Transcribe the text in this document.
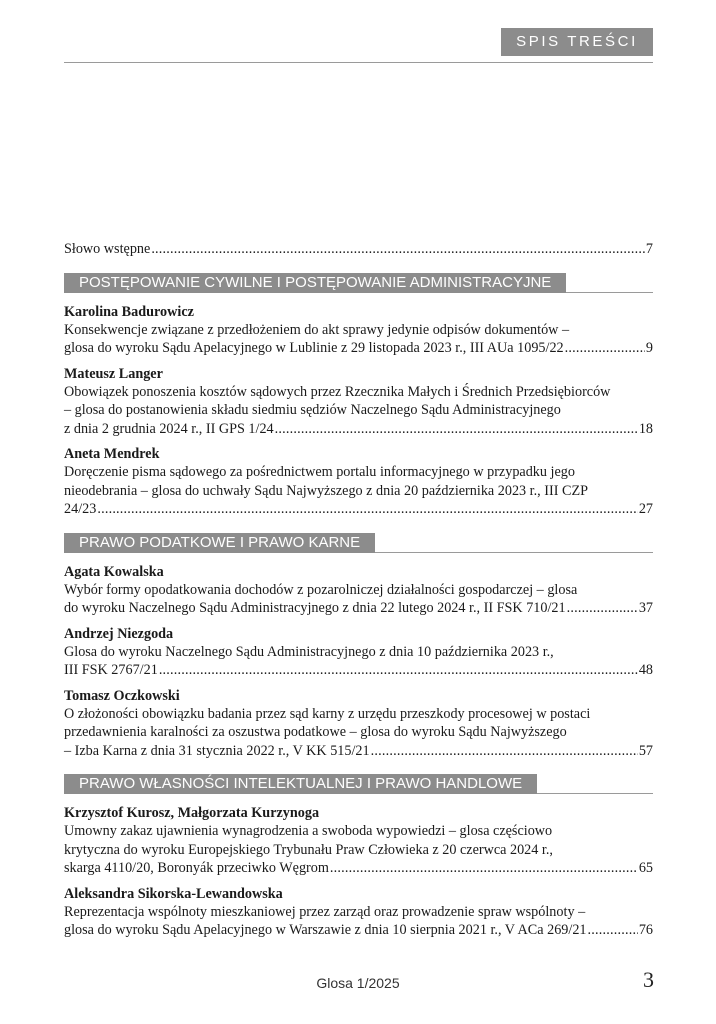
SPIS TREŚCI
Słowo wstępne .....	7
POSTĘPOWANIE CYWILNE I POSTĘPOWANIE ADMINISTRACYJNE
Karolina Badurowicz
Konsekwencje związane z przedłożeniem do akt sprawy jedynie odpisów dokumentów –
glosa do wyroku Sądu Apelacyjnego w Lublinie z 29 listopada 2023 r., III AUa 1095/22 .....	9
Mateusz Langer
Obowiązek ponoszenia kosztów sądowych przez Rzecznika Małych i Średnich Przedsiębiorców
– glosa do postanowienia składu siedmiu sędziów Naczelnego Sądu Administracyjnego
z dnia 2 grudnia 2024 r., II GPS 1/24 .....	18
Aneta Mendrek
Doręczenie pisma sądowego za pośrednictwem portalu informacyjnego w przypadku jego
nieodebrania – glosa do uchwały Sądu Najwyższego z dnia 20 października 2023 r., III CZP
24/23 .....	27
PRAWO PODATKOWE I PRAWO KARNE
Agata Kowalska
Wybór formy opodatkowania dochodów z pozarolniczej działalności gospodarczej – glosa
do wyroku Naczelnego Sądu Administracyjnego z dnia 22 lutego 2024 r., II FSK 710/21 .....	37
Andrzej Niezgoda
Glosa do wyroku Naczelnego Sądu Administracyjnego z dnia 10 października 2023 r.,
III FSK 2767/21 .....	48
Tomasz Oczkowski
O złożoności obowiązku badania przez sąd karny z urzędu przeszkody procesowej w postaci
przedawnienia karalności za oszustwa podatkowe – glosa do wyroku Sądu Najwyższego
– Izba Karna z dnia 31 stycznia 2022 r., V KK 515/21 .....	57
PRAWO WŁASNOŚCI INTELEKTUALNEJ I PRAWO HANDLOWE
Krzysztof Kurosz, Małgorzata Kurzynoga
Umowny zakaz ujawnienia wynagrodzenia a swoboda wypowiedzi – glosa częściowo
krytyczna do wyroku Europejskiego Trybunału Praw Człowieka z 20 czerwca 2024 r.,
skarga 4110/20, Boronyák przeciwko Węgrom .....	65
Aleksandra Sikorska-Lewandowska
Reprezentacja wspólnoty mieszkaniowej przez zarząd oraz prowadzenie spraw wspólnoty –
glosa do wyroku Sądu Apelacyjnego w Warszawie z dnia 10 sierpnia 2021 r., V ACa 269/21 .....	76
Glosa 1/2025	3
